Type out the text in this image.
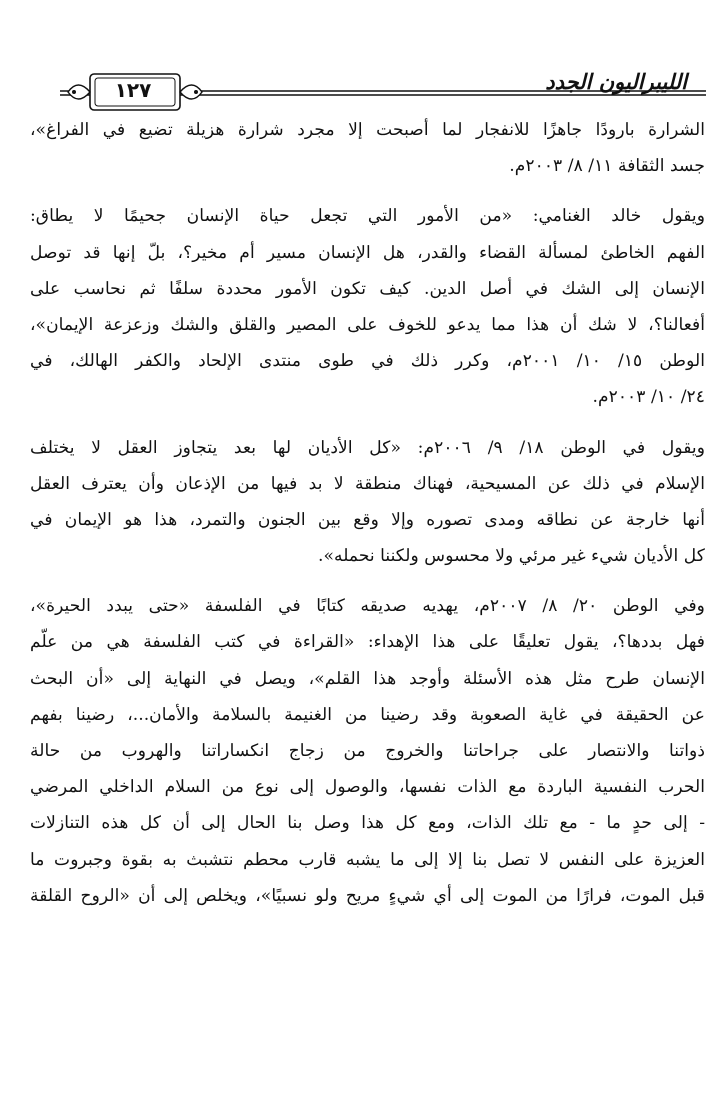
الليبراليون الجدد
١٢٧
الشرارة بارودًا جاهزًا للانفجار لما أصبحت إلا مجرد شرارة هزيلة تضيع في الفراغ»،
جسد الثقافة ١١/ ٨/ ٢٠٠٣م.
ويقول خالد الغنامي: «من الأمور التي تجعل حياة الإنسان جحيمًا لا يطاق:
الفهم الخاطئ لمسألة القضاء والقدر، هل الإنسان مسير أم مخير؟، بلّ إنها قد توصل
الإنسان إلى الشك في أصل الدين. كيف تكون الأمور محددة سلفًا ثم نحاسب على
أفعالنا؟، لا شك أن هذا مما يدعو للخوف على المصير والقلق والشك وزعزعة الإيمان»،
الوطن ١٥/ ١٠/ ٢٠٠١م، وكرر ذلك في طوى منتدى الإلحاد والكفر الهالك، في
٢٤/ ١٠/ ٢٠٠٣م.
ويقول في الوطن ١٨/ ٩/ ٢٠٠٦م: «كل الأديان لها بعد يتجاوز العقل لا يختلف
الإسلام في ذلك عن المسيحية، فهناك منطقة لا بد فيها من الإذعان وأن يعترف العقل
أنها خارجة عن نطاقه ومدى تصوره وإلا وقع بين الجنون والتمرد، هذا هو الإيمان في
كل الأديان شيء غير مرئي ولا محسوس ولكننا نحمله».
وفي الوطن ٢٠/ ٨/ ٢٠٠٧م، يهديه صديقه كتابًا في الفلسفة «حتى يبدد الحيرة»،
فهل بددها؟، يقول تعليقًا على هذا الإهداء: «القراءة في كتب الفلسفة هي من علّم
الإنسان طرح مثل هذه الأسئلة وأوجد هذا القلم»، ويصل في النهاية إلى «أن البحث
عن الحقيقة في غاية الصعوبة وقد رضينا من الغنيمة بالسلامة والأمان...، رضينا بفهم
ذواتنا والانتصار على جراحاتنا والخروج من زجاج انكساراتنا والهروب من حالة
الحرب النفسية الباردة مع الذات نفسها، والوصول إلى نوع من السلام الداخلي المرضي
- إلى حدٍ ما - مع تلك الذات، ومع كل هذا وصل بنا الحال إلى أن كل هذه التنازلات
العزيزة على النفس لا تصل بنا إلا إلى ما يشبه قارب محطم نتشبث به بقوة وجبروت ما
قبل الموت، فرارًا من الموت إلى أي شيءٍ مريح ولو نسبيًا»، ويخلص إلى أن «الروح القلقة
